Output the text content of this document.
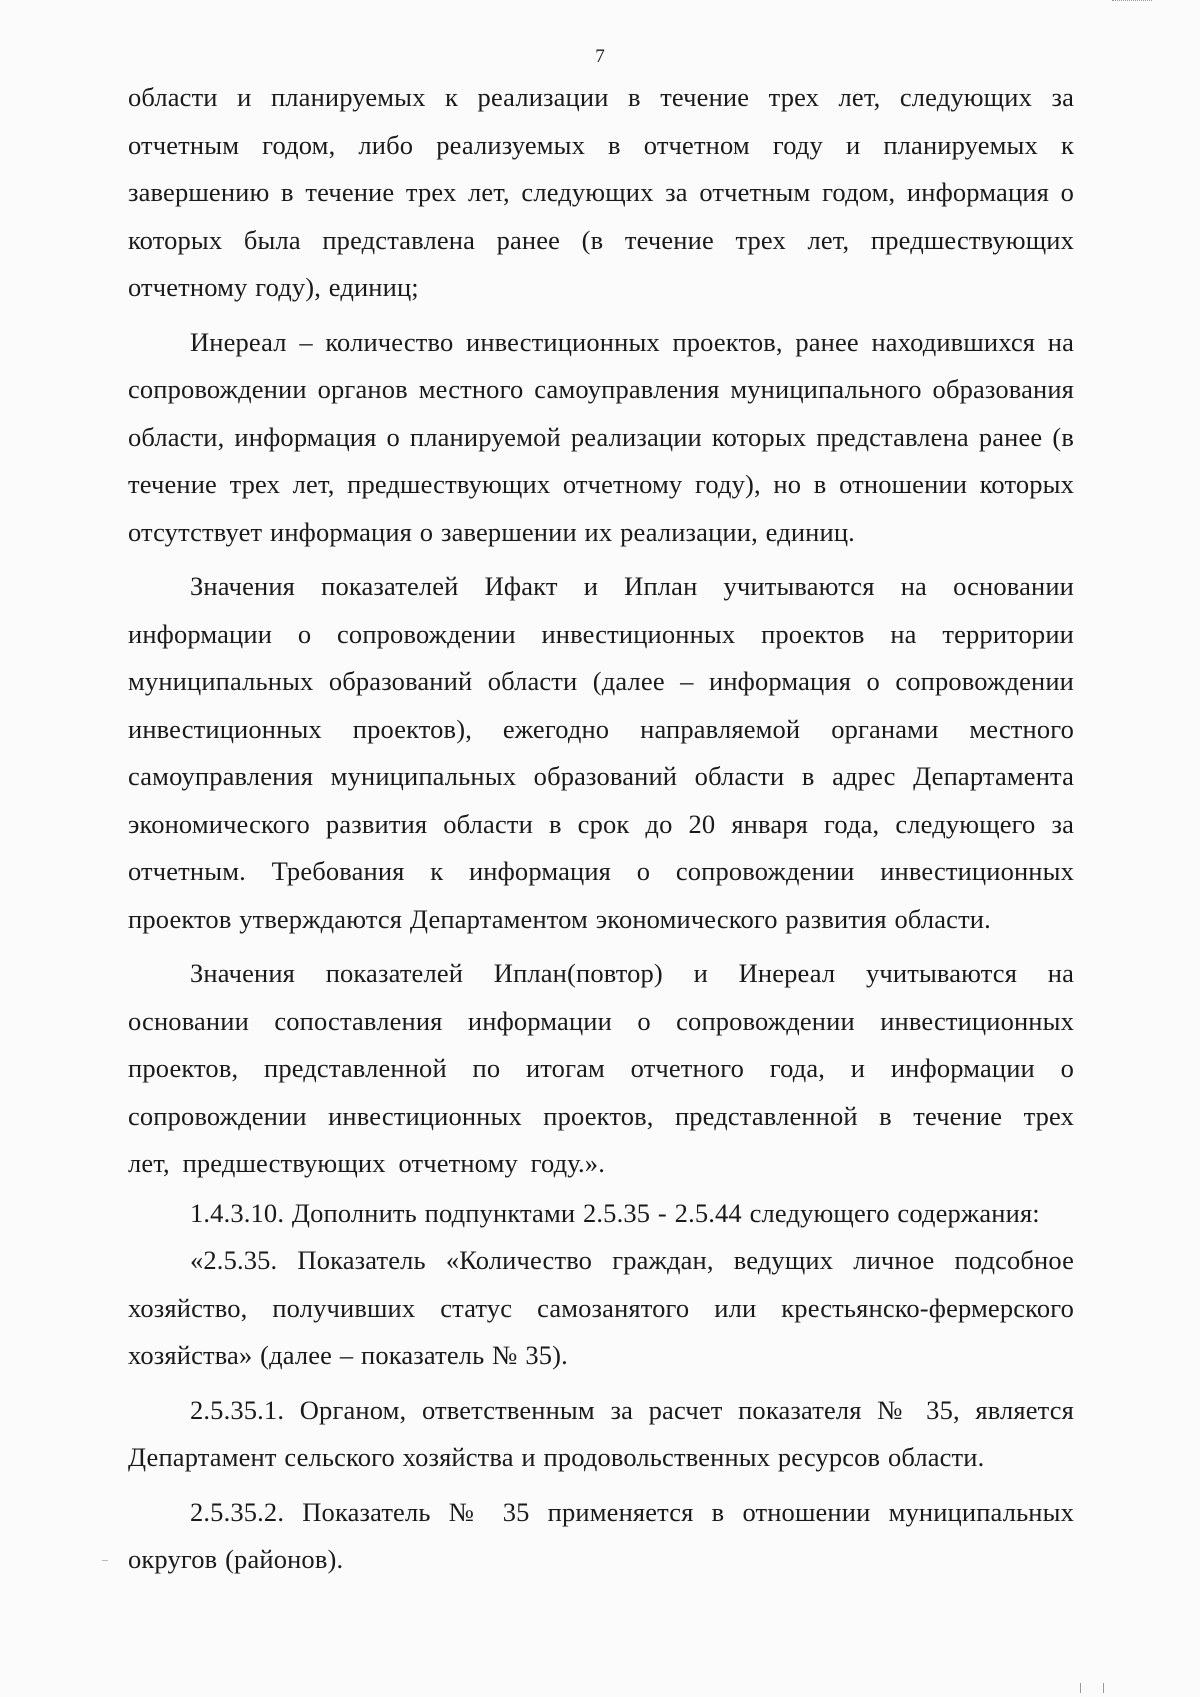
7

области и планируемых к реализации в течение трех лет, следующих за отчетным годом, либо реализуемых в отчетном году и планируемых к завершению в течение трех лет, следующих за отчетным годом, информация о которых была представлена ранее (в течение трех лет, предшествующих отчетному году), единиц;

Инереал – количество инвестиционных проектов, ранее находившихся на сопровождении органов местного самоуправления муниципального образования области, информация о планируемой реализации которых представлена ранее (в течение трех лет, предшествующих отчетному году), но в отношении которых отсутствует информация о завершении их реализации, единиц.

Значения показателей Ифакт и Иплан учитываются на основании информации о сопровождении инвестиционных проектов на территории муниципальных образований области (далее – информация о сопровождении инвестиционных проектов), ежегодно направляемой органами местного самоуправления муниципальных образований области в адрес Департамента экономического развития области в срок до 20 января года, следующего за отчетным. Требования к информация о сопровождении инвестиционных проектов утверждаются Департаментом экономического развития области.

Значения показателей Иплан(повтор) и Инереал учитываются на основании сопоставления информации о сопровождении инвестиционных проектов, представленной по итогам отчетного года, и информации о сопровождении инвестиционных проектов, представленной в течение трех лет, предшествующих отчетному году.».

1.4.3.10. Дополнить подпунктами 2.5.35 - 2.5.44 следующего содержания:

«2.5.35. Показатель «Количество граждан, ведущих личное подсобное хозяйство, получивших статус самозанятого или крестьянско-фермерского хозяйства» (далее – показатель № 35).

2.5.35.1. Органом, ответственным за расчет показателя № 35, является Департамент сельского хозяйства и продовольственных ресурсов области.

2.5.35.2. Показатель № 35 применяется в отношении муниципальных округов (районов).
